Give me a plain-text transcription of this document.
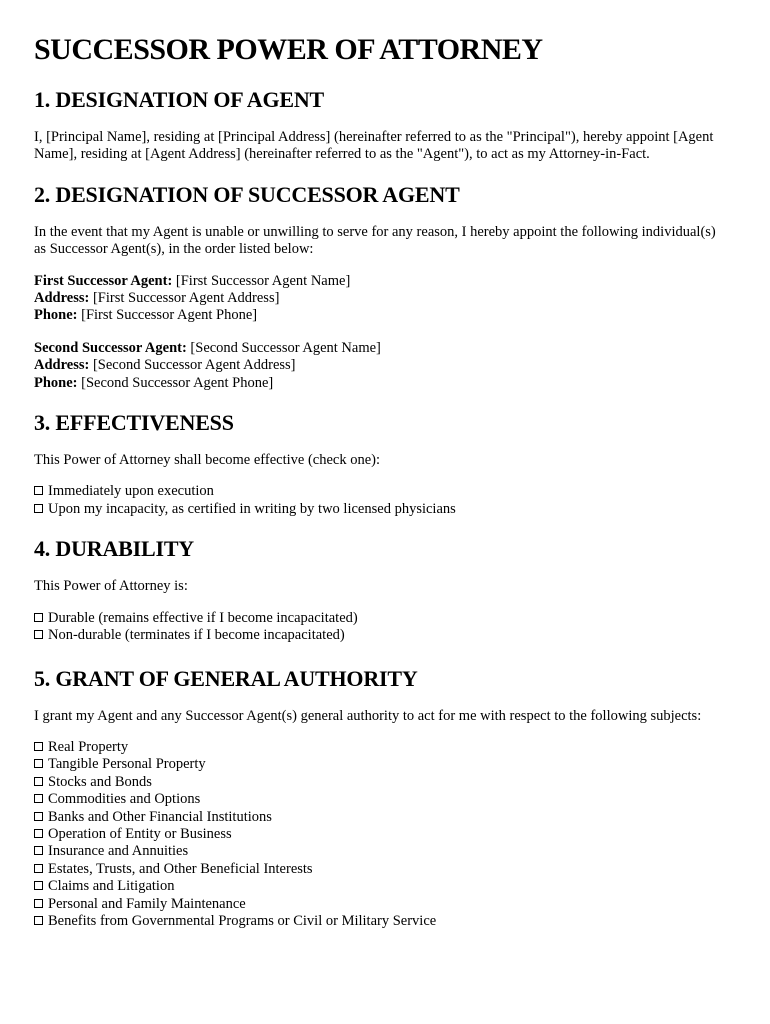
SUCCESSOR POWER OF ATTORNEY
1. DESIGNATION OF AGENT

I, [Principal Name], residing at [Principal Address] (hereinafter referred to as the "Principal"), hereby appoint [Agent Name], residing at [Agent Address] (hereinafter referred to as the "Agent"), to act as my Attorney-in-Fact.

2. DESIGNATION OF SUCCESSOR AGENT

In the event that my Agent is unable or unwilling to serve for any reason, I hereby appoint the following individual(s) as Successor Agent(s), in the order listed below:

First Successor Agent: [First Successor Agent Name]
Address: [First Successor Agent Address]
Phone: [First Successor Agent Phone]
Second Successor Agent: [Second Successor Agent Name]
Address: [Second Successor Agent Address]
Phone: [Second Successor Agent Phone]
3. EFFECTIVENESS

This Power of Attorney shall become effective (check one):

Immediately upon execution
Upon my incapacity, as certified in writing by two licensed physicians
4. DURABILITY

This Power of Attorney is:

Durable (remains effective if I become incapacitated)
Non-durable (terminates if I become incapacitated)
5. GRANT OF GENERAL AUTHORITY

I grant my Agent and any Successor Agent(s) general authority to act for me with respect to the following subjects:

Real Property
Tangible Personal Property
Stocks and Bonds
Commodities and Options
Banks and Other Financial Institutions
Operation of Entity or Business
Insurance and Annuities
Estates, Trusts, and Other Beneficial Interests
Claims and Litigation
Personal and Family Maintenance
Benefits from Governmental Programs or Civil or Military Service
